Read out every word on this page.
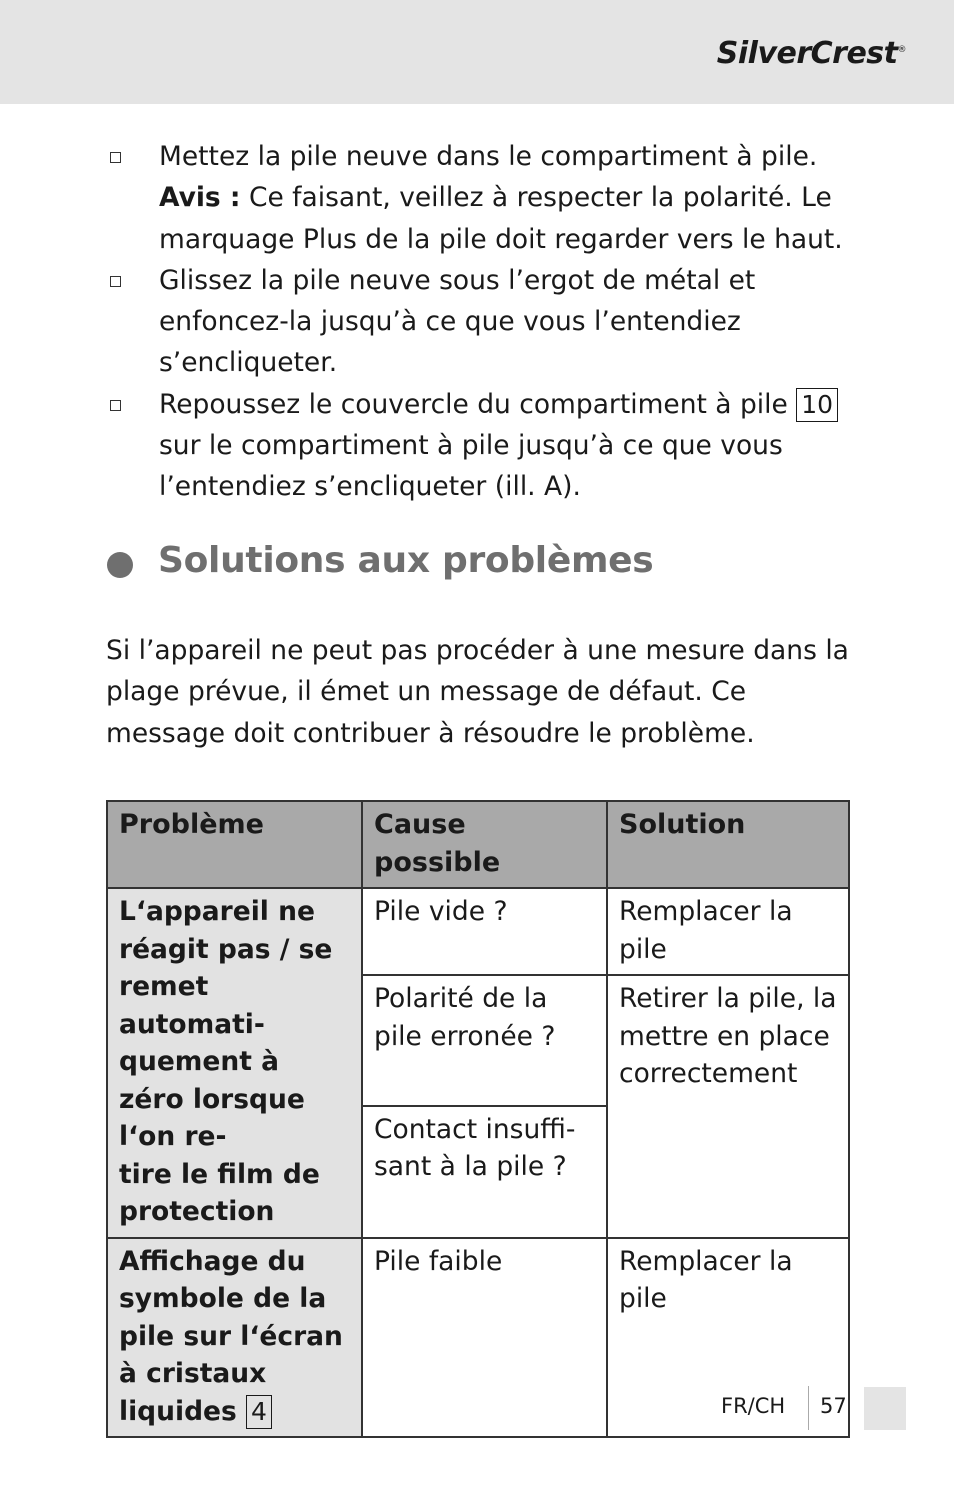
SilverCrest®
Mettez la pile neuve dans le compartiment à pile.
Avis : Ce faisant, veillez à respecter la polarité. Le marquage Plus de la pile doit regarder vers le haut.
Glissez la pile neuve sous l’ergot de métal et enfoncez-la jusqu’à ce que vous l’entendiez s’encliqueter.
Repoussez le couvercle du compartiment à pile 10 sur le compartiment à pile jusqu’à ce que vous l’entendiez s’encliqueter (ill. A).
Solutions aux problèmes
Si l’appareil ne peut pas procéder à une mesure dans la plage prévue, il émet un message de défaut. Ce message doit contribuer à résoudre le problème.
Problème	Cause possible	Solution
L‘appareil ne réagit pas / se remet automati-
quement à zéro lorsque l‘on re-
tire le film de protection	Pile vide ?	Remplacer la pile
	Polarité de la pile erronée ?	Retirer la pile, la mettre en place correctement
	Contact insuffi-
sant à la pile ?	
Affichage du symbole de la pile sur l‘écran à cristaux liquides 4	Pile faible	Remplacer la pile
FR/CH 57
